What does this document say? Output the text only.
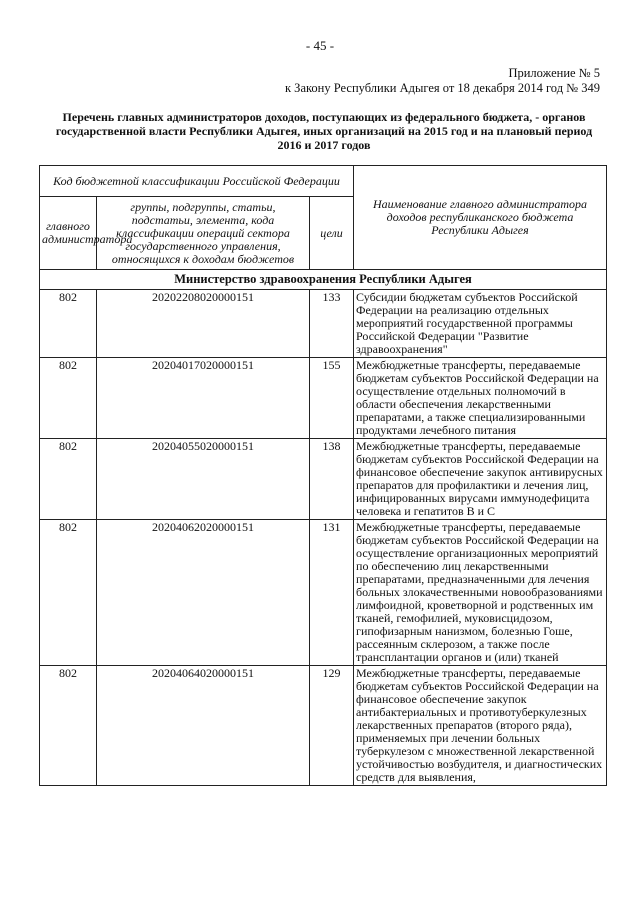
- 45 -
Приложение № 5
к Закону Республики Адыгея от 18 декабря 2014 год № 349
Перечень главных администраторов доходов, поступающих из федерального бюджета, - органов государственной власти Республики Адыгея, иных организаций на 2015 год и на плановый период 2016 и 2017 годов
Код бюджетной классификации Российской Федерации			Наименование главного администратора доходов республиканского бюджета Республики Адыгея
главного администратора	группы, подгруппы, статьи, подстатьи, элемента, кода классификации операций сектора государственного управления, относящихся к доходам бюджетов	цели	
Министерство здравоохранения Республики Адыгея			
802	20202208020000151	133	Субсидии бюджетам субъектов Российской Федерации на реализацию отдельных мероприятий государственной программы Российской Федерации "Развитие здравоохранения"
802	20204017020000151	155	Межбюджетные трансферты, передаваемые бюджетам субъектов Российской Федерации на осуществление отдельных полномочий в области обеспечения лекарственными препаратами, а также специализированными продуктами лечебного питания
802	20204055020000151	138	Межбюджетные трансферты, передаваемые бюджетам субъектов Российской Федерации на финансовое обеспечение закупок антивирусных препаратов для профилактики и лечения лиц, инфицированных вирусами иммунодефицита человека и гепатитов B и C
802	20204062020000151	131	Межбюджетные трансферты, передаваемые бюджетам субъектов Российской Федерации на осуществление организационных мероприятий по обеспечению лиц лекарственными препаратами, предназначенными для лечения больных злокачественными новообразованиями лимфоидной, кроветворной и родственных им тканей, гемофилией, муковисцидозом, гипофизарным нанизмом, болезнью Гоше, рассеянным склерозом, а также после трансплантации органов и (или) тканей
802	20204064020000151	129	Межбюджетные трансферты, передаваемые бюджетам субъектов Российской Федерации на финансовое обеспечение закупок антибактериальных и противотуберкулезных лекарственных препаратов (второго ряда), применяемых при лечении больных туберкулезом с множественной лекарственной устойчивостью возбудителя, и диагностических средств для выявления,
